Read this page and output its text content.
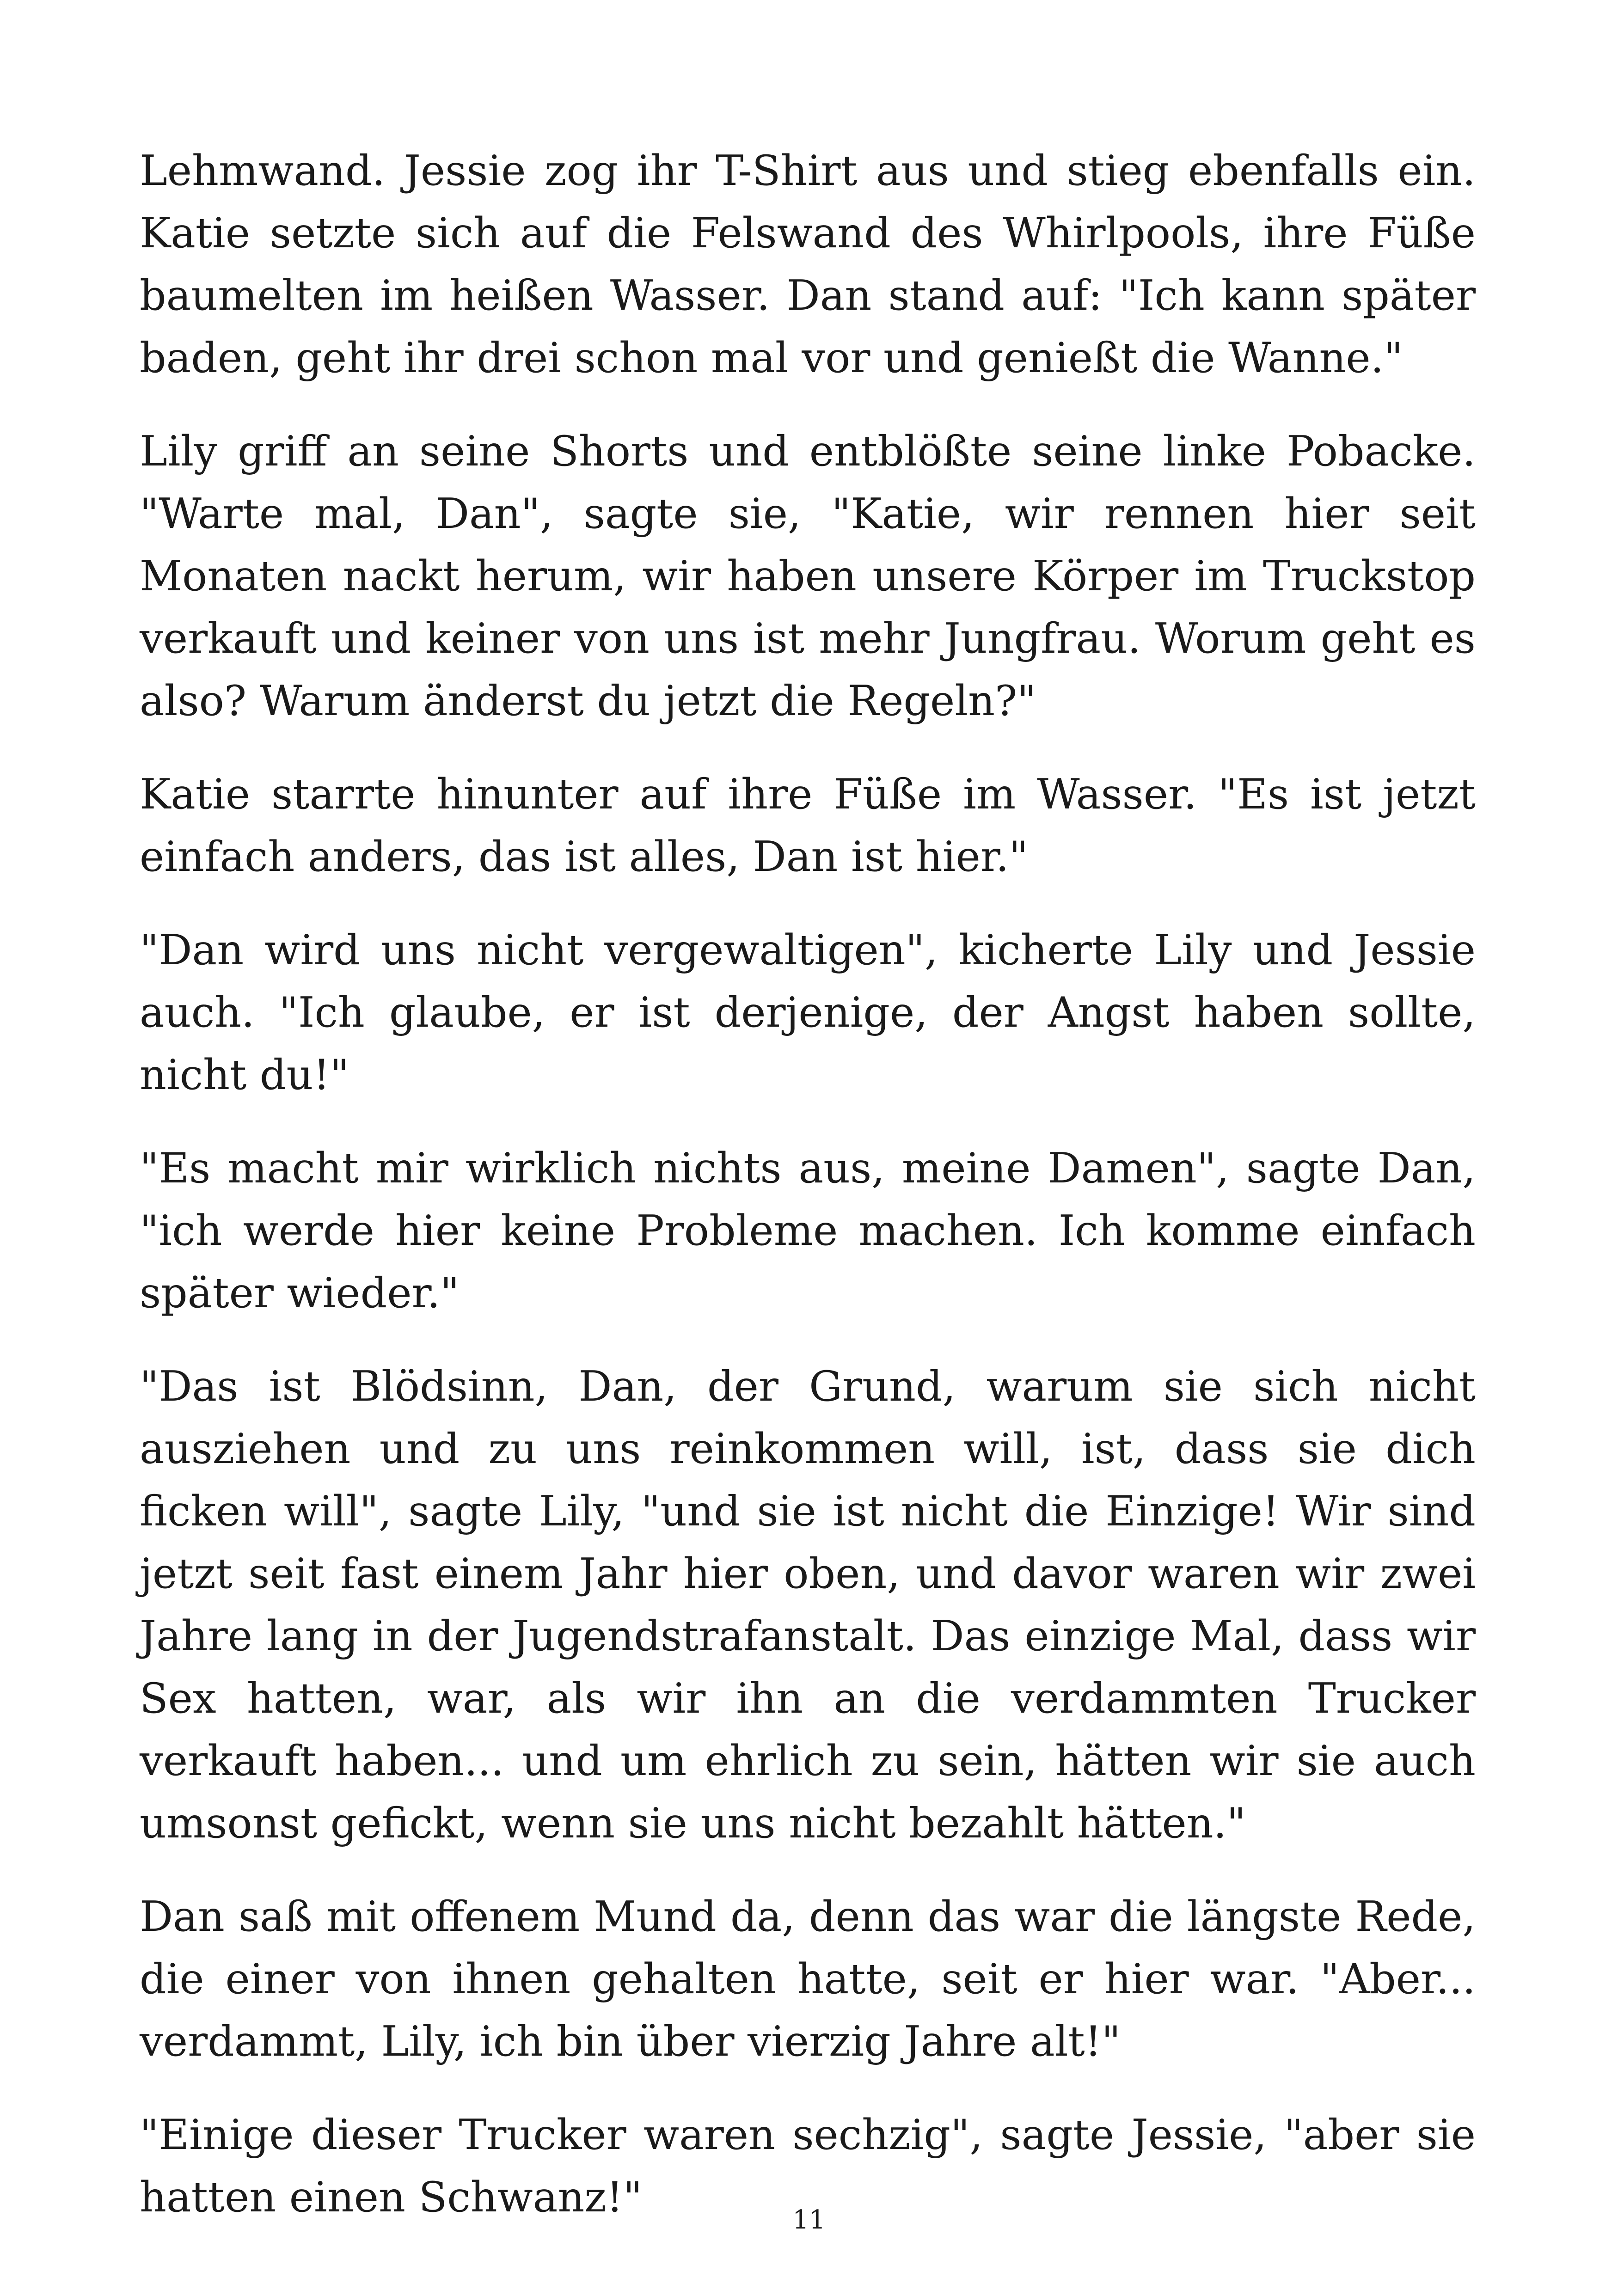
Lehmwand. Jessie zog ihr T-Shirt aus und stieg ebenfalls ein. Katie setzte sich auf die Felswand des Whirlpools, ihre Füße baumelten im heißen Wasser. Dan stand auf: "Ich kann später baden, geht ihr drei schon mal vor und genießt die Wanne."

Lily griff an seine Shorts und entblößte seine linke Pobacke. "Warte mal, Dan", sagte sie, "Katie, wir rennen hier seit Monaten nackt herum, wir haben unsere Körper im Truckstop verkauft und keiner von uns ist mehr Jungfrau. Worum geht es also? Warum änderst du jetzt die Regeln?"

Katie starrte hinunter auf ihre Füße im Wasser. "Es ist jetzt einfach anders, das ist alles, Dan ist hier."

"Dan wird uns nicht vergewaltigen", kicherte Lily und Jessie auch. "Ich glaube, er ist derjenige, der Angst haben sollte, nicht du!"

"Es macht mir wirklich nichts aus, meine Damen", sagte Dan, "ich werde hier keine Probleme machen. Ich komme einfach später wieder."

"Das ist Blödsinn, Dan, der Grund, warum sie sich nicht ausziehen und zu uns reinkommen will, ist, dass sie dich ficken will", sagte Lily, "und sie ist nicht die Einzige! Wir sind jetzt seit fast einem Jahr hier oben, und davor waren wir zwei Jahre lang in der Jugendstrafanstalt. Das einzige Mal, dass wir Sex hatten, war, als wir ihn an die verdammten Trucker verkauft haben... und um ehrlich zu sein, hätten wir sie auch umsonst gefickt, wenn sie uns nicht bezahlt hätten."

Dan saß mit offenem Mund da, denn das war die längste Rede, die einer von ihnen gehalten hatte, seit er hier war. "Aber... verdammt, Lily, ich bin über vierzig Jahre alt!"

"Einige dieser Trucker waren sechzig", sagte Jessie, "aber sie hatten einen Schwanz!"	11
